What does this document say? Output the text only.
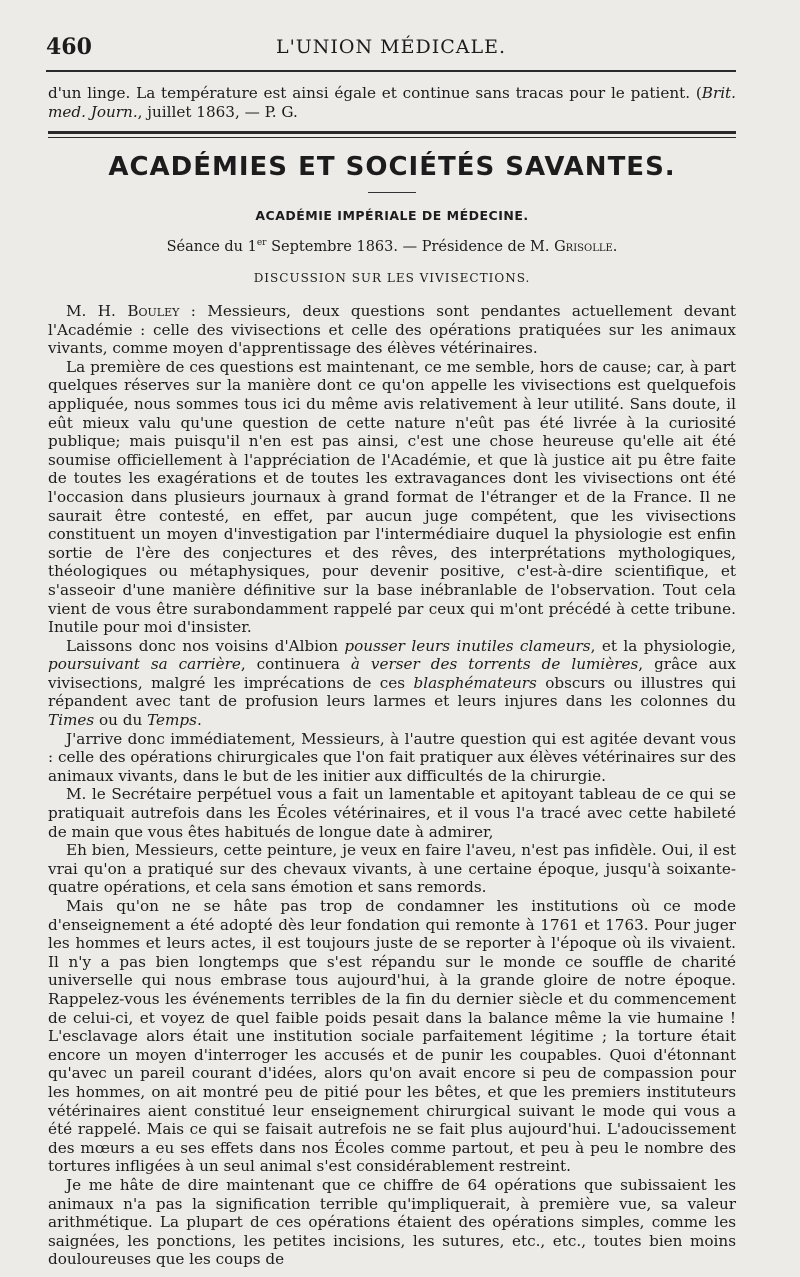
460	L'UNION MÉDICALE.

d'un linge. La température est ainsi égale et continue sans tracas pour le patient. (Brit. med. Journ., juillet 1863, — P. G.

ACADÉMIES ET SOCIÉTÉS SAVANTES.
ACADÉMIE IMPÉRIALE DE MÉDECINE.
Séance du 1er Septembre 1863. — Présidence de M. Grisolle.
DISCUSSION SUR LES VIVISECTIONS.

M. H. Bouley : Messieurs, deux questions sont pendantes actuellement devant l'Académie : celle des vivisections et celle des opérations pratiquées sur les animaux vivants, comme moyen d'apprentissage des élèves vétérinaires.

La première de ces questions est maintenant, ce me semble, hors de cause; car, à part quelques réserves sur la manière dont ce qu'on appelle les vivisections est quelquefois appliquée, nous sommes tous ici du même avis relativement à leur utilité. Sans doute, il eût mieux valu qu'une question de cette nature n'eût pas été livrée à la curiosité publique; mais puisqu'il n'en est pas ainsi, c'est une chose heureuse qu'elle ait été soumise officiellement à l'appréciation de l'Académie, et que là justice ait pu être faite de toutes les exagérations et de toutes les extravagances dont les vivisections ont été l'occasion dans plusieurs journaux à grand format de l'étranger et de la France. Il ne saurait être contesté, en effet, par aucun juge compétent, que les vivisections constituent un moyen d'investigation par l'intermédiaire duquel la physiologie est enfin sortie de l'ère des conjectures et des rêves, des interprétations mythologiques, théologiques ou métaphysiques, pour devenir positive, c'est-à-dire scientifique, et s'asseoir d'une manière définitive sur la base inébranlable de l'observation. Tout cela vient de vous être surabondamment rappelé par ceux qui m'ont précédé à cette tribune. Inutile pour moi d'insister.

Laissons donc nos voisins d'Albion pousser leurs inutiles clameurs, et la physiologie, poursuivant sa carrière, continuera à verser des torrents de lumières, grâce aux vivisections, malgré les imprécations de ces blasphémateurs obscurs ou illustres qui répandent avec tant de profusion leurs larmes et leurs injures dans les colonnes du Times ou du Temps.

J'arrive donc immédiatement, Messieurs, à l'autre question qui est agitée devant vous : celle des opérations chirurgicales que l'on fait pratiquer aux élèves vétérinaires sur des animaux vivants, dans le but de les initier aux difficultés de la chirurgie.

M. le Secrétaire perpétuel vous a fait un lamentable et apitoyant tableau de ce qui se pratiquait autrefois dans les Écoles vétérinaires, et il vous l'a tracé avec cette habileté de main que vous êtes habitués de longue date à admirer,

Eh bien, Messieurs, cette peinture, je veux en faire l'aveu, n'est pas infidèle. Oui, il est vrai qu'on a pratiqué sur des chevaux vivants, à une certaine époque, jusqu'à soixante-quatre opérations, et cela sans émotion et sans remords.

Mais qu'on ne se hâte pas trop de condamner les institutions où ce mode d'enseignement a été adopté dès leur fondation qui remonte à 1761 et 1763. Pour juger les hommes et leurs actes, il est toujours juste de se reporter à l'époque où ils vivaient. Il n'y a pas bien longtemps que s'est répandu sur le monde ce souffle de charité universelle qui nous embrase tous aujourd'hui, à la grande gloire de notre époque. Rappelez-vous les événements terribles de la fin du dernier siècle et du commencement de celui-ci, et voyez de quel faible poids pesait dans la balance même la vie humaine ! L'esclavage alors était une institution sociale parfaitement légitime ; la torture était encore un moyen d'interroger les accusés et de punir les coupables. Quoi d'étonnant qu'avec un pareil courant d'idées, alors qu'on avait encore si peu de compassion pour les hommes, on ait montré peu de pitié pour les bêtes, et que les premiers instituteurs vétérinaires aient constitué leur enseignement chirurgical suivant le mode qui vous a été rappelé. Mais ce qui se faisait autrefois ne se fait plus aujourd'hui. L'adoucissement des mœurs a eu ses effets dans nos Écoles comme partout, et peu à peu le nombre des tortures infligées à un seul animal s'est considérablement restreint.

Je me hâte de dire maintenant que ce chiffre de 64 opérations que subissaient les animaux n'a pas la signification terrible qu'impliquerait, à première vue, sa valeur arithmétique. La plupart de ces opérations étaient des opérations simples, comme les saignées, les ponctions, les petites incisions, les sutures, etc., etc., toutes bien moins douloureuses que les coups de
